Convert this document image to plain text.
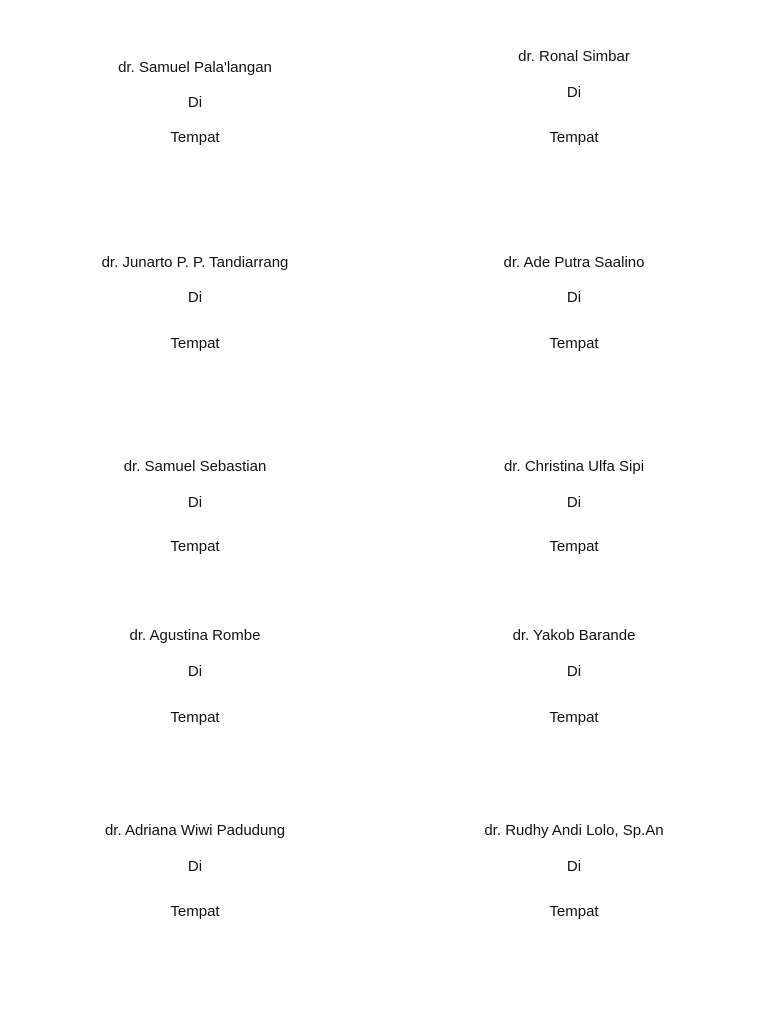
dr. Samuel Pala'langan
Di
Tempat
dr. Ronal Simbar
Di
Tempat
dr. Junarto P. P. Tandiarrang
Di
Tempat
dr. Ade Putra Saalino
Di
Tempat
dr. Samuel Sebastian
Di
Tempat
dr. Christina Ulfa Sipi
Di
Tempat
dr. Agustina Rombe
Di
Tempat
dr. Yakob Barande
Di
Tempat
dr. Adriana Wiwi Padudung
Di
Tempat
dr. Rudhy Andi Lolo, Sp.An
Di
Tempat
